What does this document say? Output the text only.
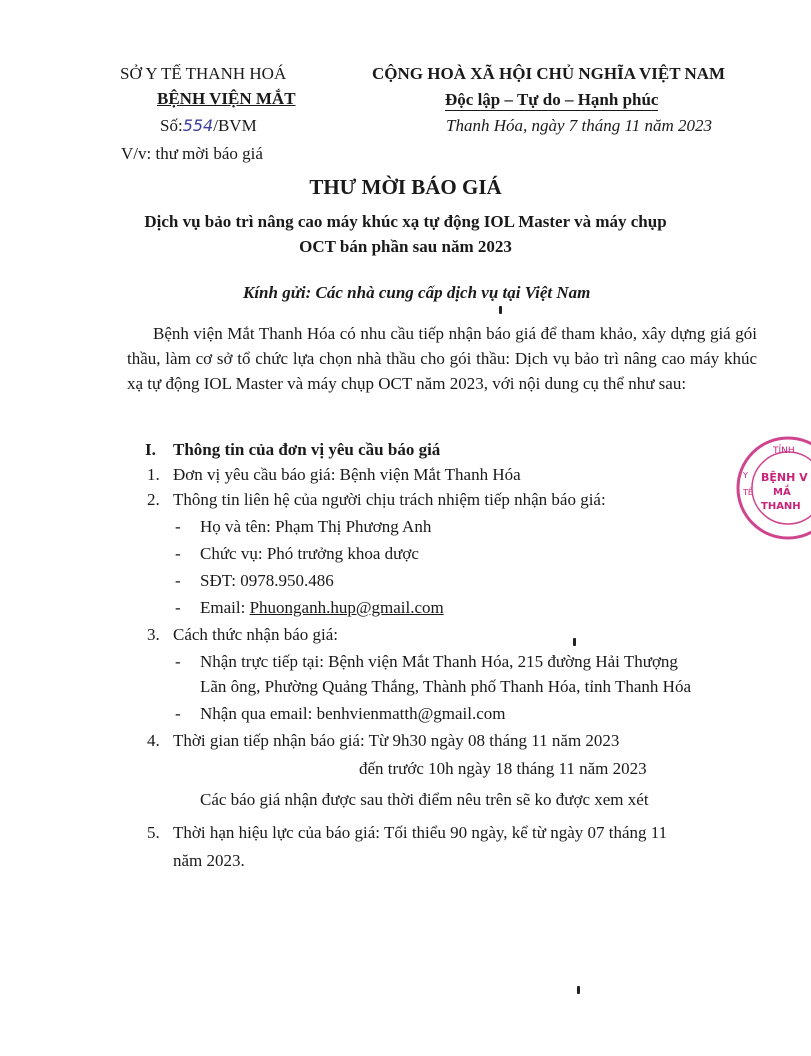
SỞ Y TẾ THANH HOÁ
BỆNH VIỆN MẮT
Số:554/BVM
V/v: thư mời báo giá
CỘNG HOÀ XÃ HỘI CHỦ NGHĨA VIỆT NAM
Độc lập – Tự do – Hạnh phúc
Thanh Hóa, ngày 7 tháng 11 năm 2023
THƯ MỜI BÁO GIÁ
Dịch vụ bảo trì nâng cao máy khúc xạ tự động IOL Master và máy chụp
OCT bán phần sau năm 2023
Kính gửi: Các nhà cung cấp dịch vụ tại Việt Nam
Bệnh viện Mắt Thanh Hóa có nhu cầu tiếp nhận báo giá để tham khảo, xây dựng giá gói thầu, làm cơ sở tổ chức lựa chọn nhà thầu cho gói thầu: Dịch vụ bảo trì nâng cao máy khúc xạ tự động IOL Master và máy chụp OCT năm 2023, với nội dung cụ thể như sau:
I. Thông tin của đơn vị yêu cầu báo giá
1. Đơn vị yêu cầu báo giá: Bệnh viện Mắt Thanh Hóa
2. Thông tin liên hệ của người chịu trách nhiệm tiếp nhận báo giá:
- Họ và tên: Phạm Thị Phương Anh
- Chức vụ: Phó trưởng khoa dược
- SĐT: 0978.950.486
- Email: Phuonganh.hup@gmail.com
3. Cách thức nhận báo giá:
- Nhận trực tiếp tại: Bệnh viện Mắt Thanh Hóa, 215 đường Hải Thượng
Lãn ông, Phường Quảng Thắng, Thành phố Thanh Hóa, tỉnh Thanh Hóa
- Nhận qua email: benhvienmatth@gmail.com
4. Thời gian tiếp nhận báo giá: Từ 9h30 ngày 08 tháng 11 năm 2023
đến trước 10h ngày 18 tháng 11 năm 2023
Các báo giá nhận được sau thời điểm nêu trên sẽ ko được xem xét
5. Thời hạn hiệu lực của báo giá: Tối thiểu 90 ngày, kể từ ngày 07 tháng 11
năm 2023.
TỈNH
Y
TẾ
BỆNH V
MẮ
THANH
